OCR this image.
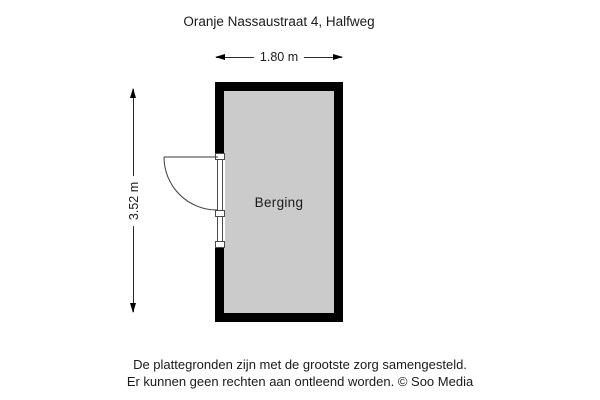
Oranje Nassaustraat 4, Halfweg
1.80 m
3.52 m	Berging
De plattegronden zijn met de grootste zorg samengesteld.
Er kunnen geen rechten aan ontleend worden. © Soo Media
